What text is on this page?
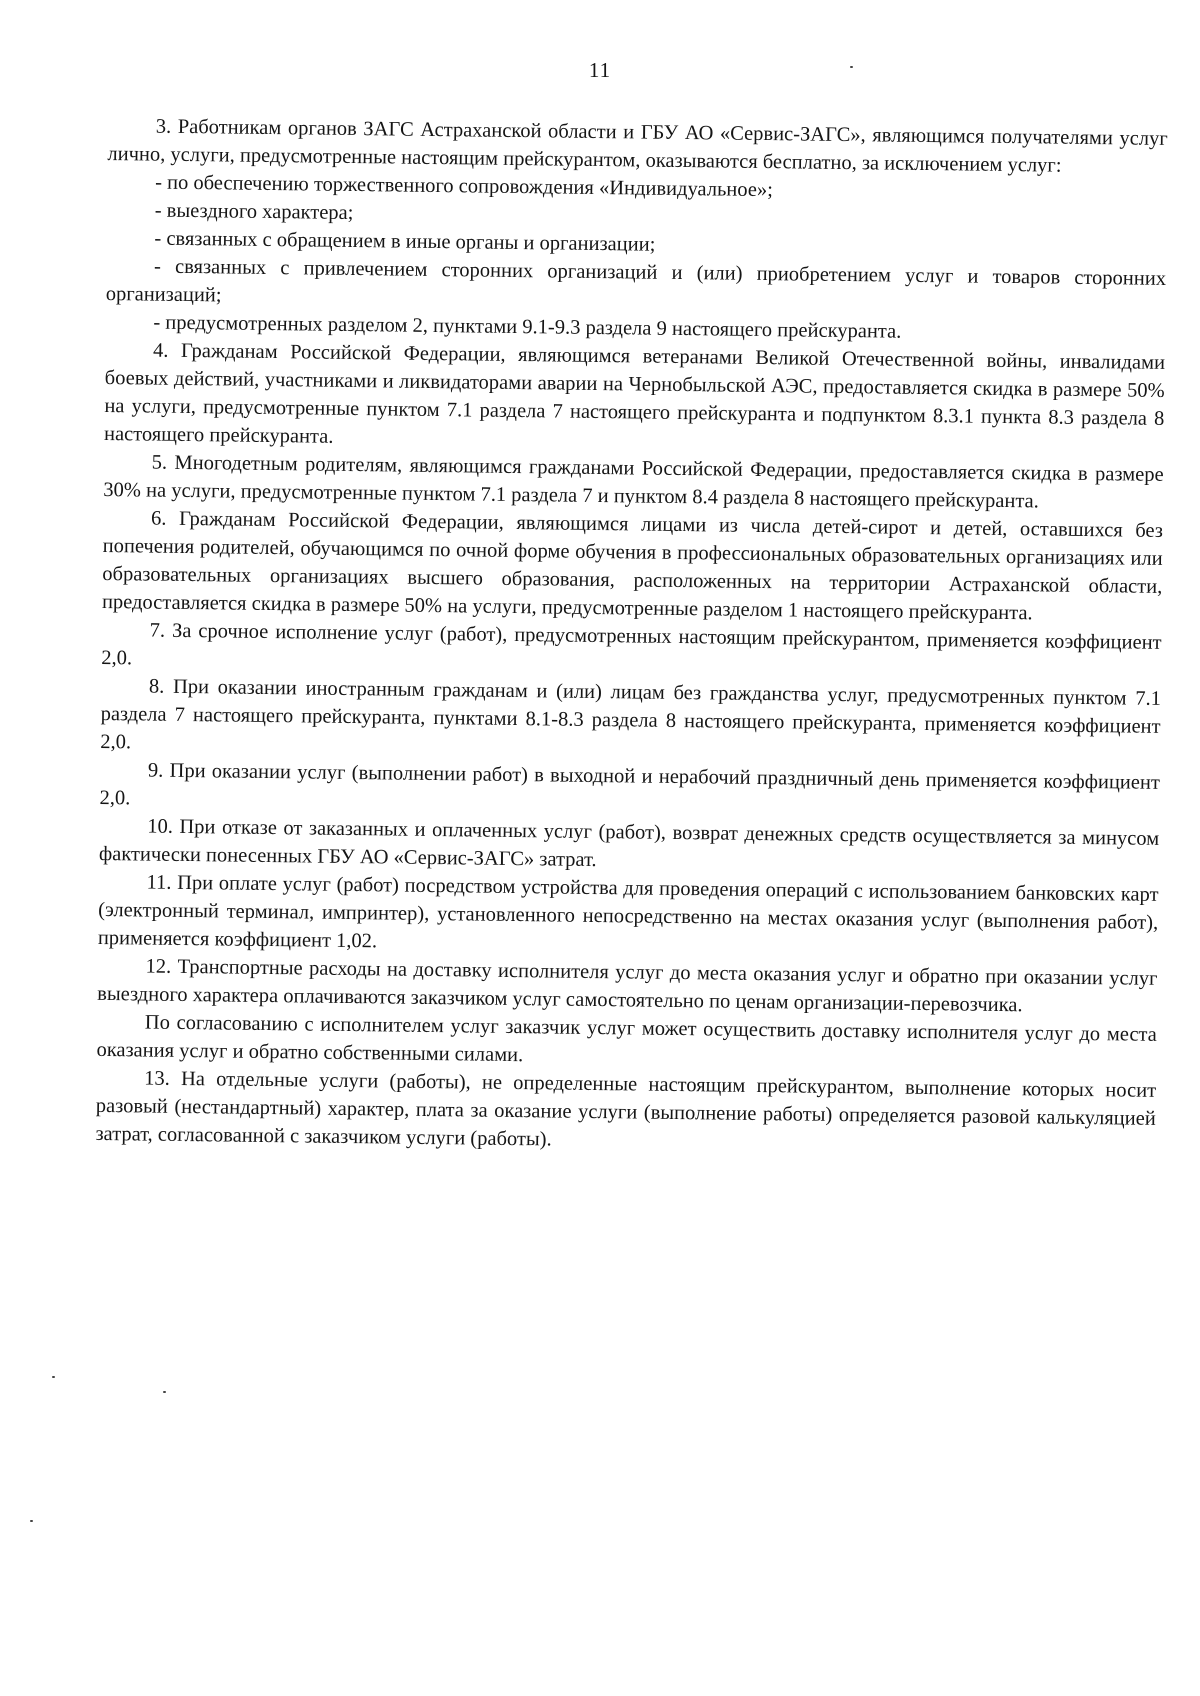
11

3. Работникам органов ЗАГС Астраханской области и ГБУ АО «Сервис-ЗАГС», являющимся получателями услуг лично, услуги, предусмотренные настоящим прейскурантом, оказываются бесплатно, за исключением услуг:

- по обеспечению торжественного сопровождения «Индивидуальное»;

- выездного характера;

- связанных с обращением в иные органы и организации;

- связанных с привлечением сторонних организаций и (или) приобретением услуг и товаров сторонних организаций;

- предусмотренных разделом 2, пунктами 9.1-9.3 раздела 9 настоящего прейскуранта.

4. Гражданам Российской Федерации, являющимся ветеранами Великой Отечественной войны, инвалидами боевых действий, участниками и ликвидаторами аварии на Чернобыльской АЭС, предоставляется скидка в размере 50% на услуги, предусмотренные пунктом 7.1 раздела 7 настоящего прейскуранта и подпунктом 8.3.1 пункта 8.3 раздела 8 настоящего прейскуранта.

5. Многодетным родителям, являющимся гражданами Российской Федерации, предоставляется скидка в размере 30% на услуги, предусмотренные пунктом 7.1 раздела 7 и пунктом 8.4 раздела 8 настоящего прейскуранта.

6. Гражданам Российской Федерации, являющимся лицами из числа детей-сирот и детей, оставшихся без попечения родителей, обучающимся по очной форме обучения в профессиональных образовательных организациях или образовательных организациях высшего образования, расположенных на территории Астраханской области, предоставляется скидка в размере 50% на услуги, предусмотренные разделом 1 настоящего прейскуранта.

7. За срочное исполнение услуг (работ), предусмотренных настоящим прейскурантом, применяется коэффициент 2,0.

8. При оказании иностранным гражданам и (или) лицам без гражданства услуг, предусмотренных пунктом 7.1 раздела 7 настоящего прейскуранта, пунктами 8.1-8.3 раздела 8 настоящего прейскуранта, применяется коэффициент 2,0.

9. При оказании услуг (выполнении работ) в выходной и нерабочий праздничный день применяется коэффициент 2,0.

10. При отказе от заказанных и оплаченных услуг (работ), возврат денежных средств осуществляется за минусом фактически понесенных ГБУ АО «Сервис-ЗАГС» затрат.

11. При оплате услуг (работ) посредством устройства для проведения операций с использованием банковских карт (электронный терминал, импринтер), установленного непосредственно на местах оказания услуг (выполнения работ), применяется коэффициент 1,02.

12. Транспортные расходы на доставку исполнителя услуг до места оказания услуг и обратно при оказании услуг выездного характера оплачиваются заказчиком услуг самостоятельно по ценам организации-перевозчика.

По согласованию с исполнителем услуг заказчик услуг может осуществить доставку исполнителя услуг до места оказания услуг и обратно собственными силами.

13. На отдельные услуги (работы), не определенные настоящим прейскурантом, выполнение которых носит разовый (нестандартный) характер, плата за оказание услуги (выполнение работы) определяется разовой калькуляцией затрат, согласованной с заказчиком услуги (работы).
